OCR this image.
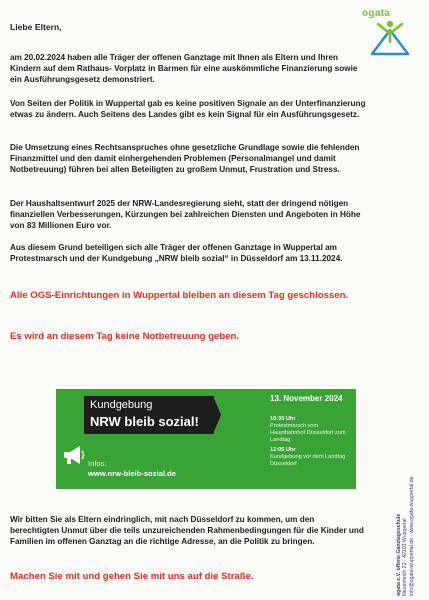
ogata
Liebe Eltern,

am 20.02.2024 haben alle Träger der offenen Ganztage mit Ihnen als Eltern und Ihren Kindern auf dem Rathaus- Vorplatz in Barmen für eine auskömmliche Finanzierung sowie ein Ausführungsgesetz demonstriert.

Von Seiten der Politik in Wuppertal gab es keine positiven Signale an der Unterfinanzierung etwas zu ändern. Auch Seitens des Landes gibt es kein Signal für ein Ausführungsgesetz.

Die Umsetzung eines Rechtsanspruches ohne gesetzliche Grundlage sowie die fehlenden Finanzmittel und den damit einhergehenden Problemen (Personalmangel und damit Notbetreuung) führen bei allen Beteiligten zu großem Unmut, Frustration und Stress.

Der Haushaltsentwurf 2025 der NRW-Landesregierung sieht, statt der dringend nötigen finanziellen Verbesserungen, Kürzungen bei zahlreichen Diensten und Angeboten in Höhe von 83 Millionen Euro vor.

Aus diesem Grund beteiligen sich alle Träger der offenen Ganztage in Wuppertal am Protestmarsch und der Kundgebung „NRW bleib sozial“ in Düsseldorf am 13.11.2024.

Alle OGS-Einrichtungen in Wuppertal bleiben an diesem Tag geschlossen.

Es wird an diesem Tag keine Notbetreuung geben.

Kundgebung
NRW bleib sozial!
13. November 2024
10:30 Uhr
Protestmarsch vom Hauptbahnhof Düsseldorf zum Landtag
12:05 Uhr
Kundgebung vor dem Landtag Düsseldorf
Infos:
www.nrw-bleib-sozial.de

Wir bitten Sie als Eltern eindringlich, mit nach Düsseldorf zu kommen, um den berechtigten Unmut über die teils unzureichenden Rahmenbedingungen für die Kinder und Familien im offenen Ganztag an die richtige Adresse, an die Politik zu bringen.

Machen Sie mit und gehen Sie mit uns auf die Straße.	ogata e.V. offene Ganztagsschule Neuenteich 22 · 42103 Wuppertal info@ogata-wuppertal.de · www.ogata-wuppertal.de
